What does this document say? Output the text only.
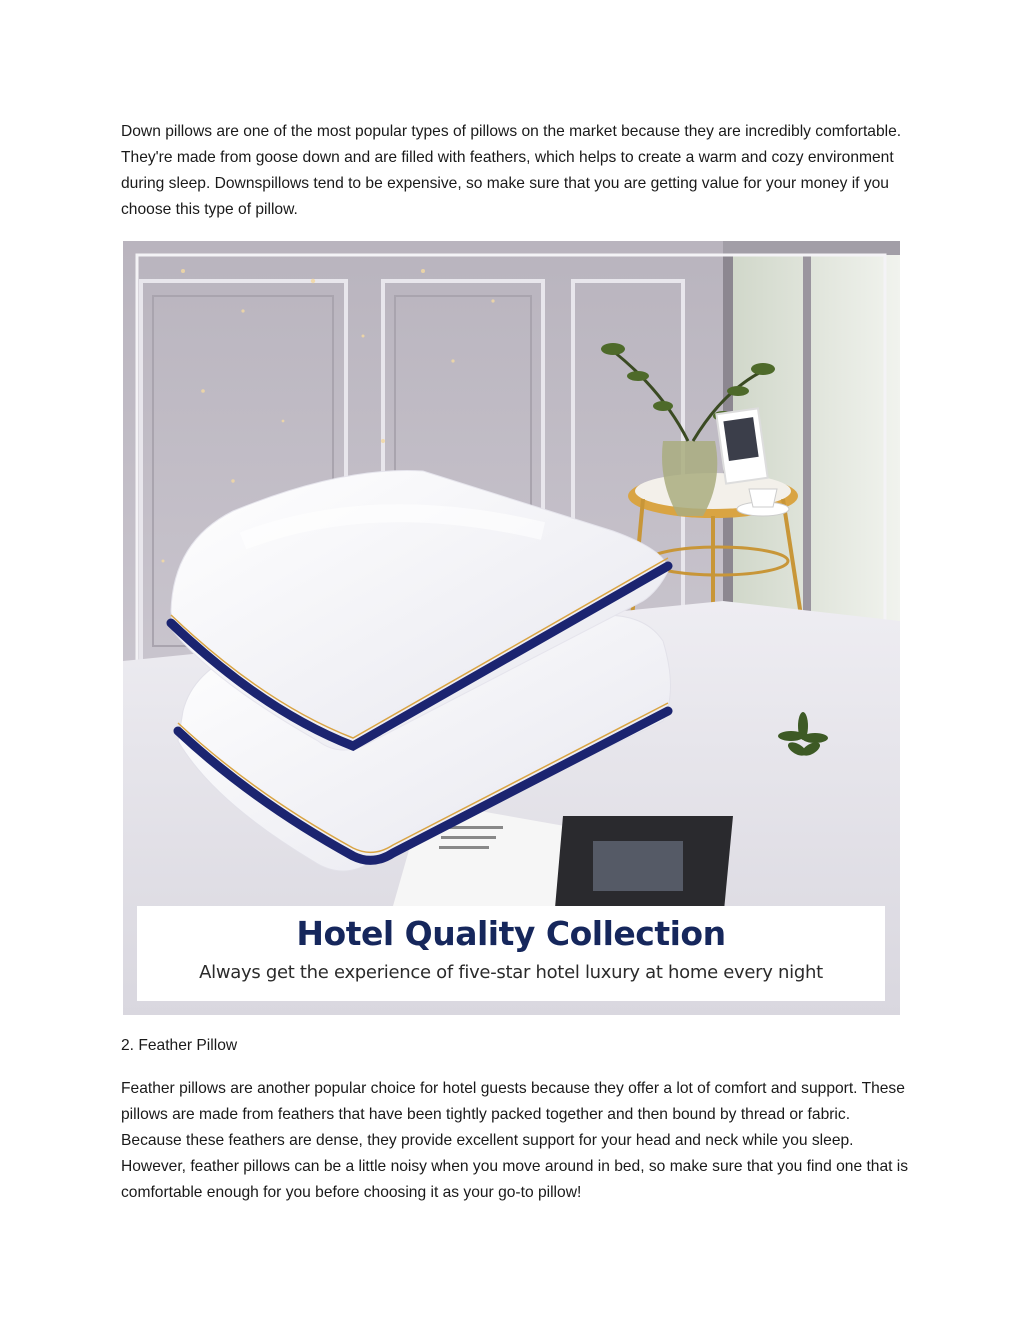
Down pillows are one of the most popular types of pillows on the market because they are incredibly comfortable. They're made from goose down and are filled with feathers, which helps to create a warm and cozy environment during sleep. Downspillows tend to be expensive, so make sure that you are getting value for your money if you choose this type of pillow.

Hotel Quality Collection
Always get the experience of five-star hotel luxury at home every night

2. Feather Pillow

Feather pillows are another popular choice for hotel guests because they offer a lot of comfort and support. These pillows are made from feathers that have been tightly packed together and then bound by thread or fabric. Because these feathers are dense, they provide excellent support for your head and neck while you sleep. However, feather pillows can be a little noisy when you move around in bed, so make sure that you find one that is comfortable enough for you before choosing it as your go-to pillow!
